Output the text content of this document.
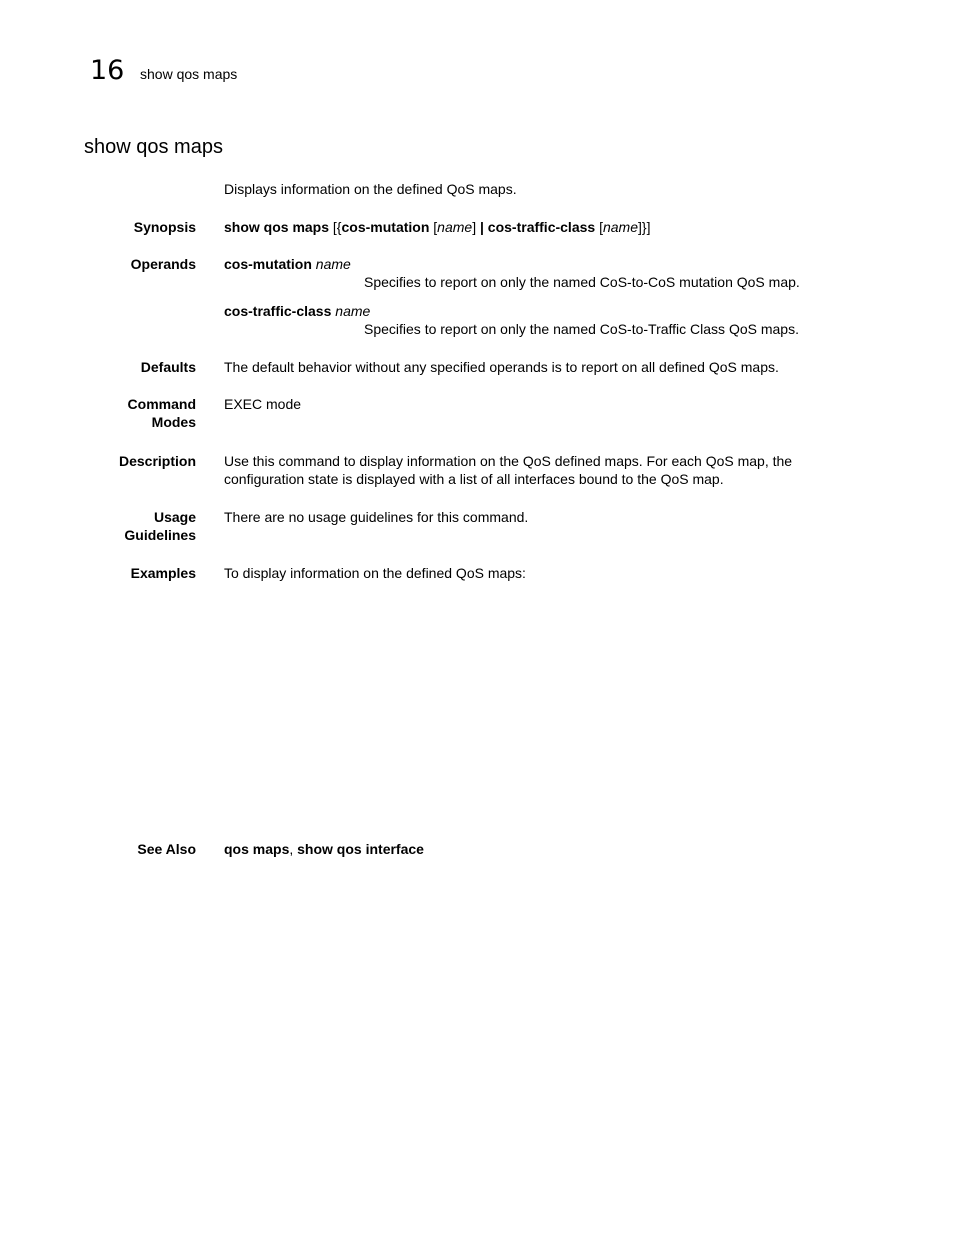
16 show qos maps
show qos maps
Displays information on the defined QoS maps.
Synopsis show qos maps [{cos-mutation [name] | cos-traffic-class [name]}]
Operands cos-mutation name
Specifies to report on only the named CoS-to-CoS mutation QoS map.
cos-traffic-class name
Specifies to report on only the named CoS-to-Traffic Class QoS maps.
Defaults The default behavior without any specified operands is to report on all defined QoS maps.
Command
Modes
EXEC mode
Description Use this command to display information on the QoS defined maps. For each QoS map, the
configuration state is displayed with a list of all interfaces bound to the QoS map.
Usage
Guidelines
There are no usage guidelines for this command.
Examples To display information on the defined QoS maps:
See Also qos maps, show qos interface
